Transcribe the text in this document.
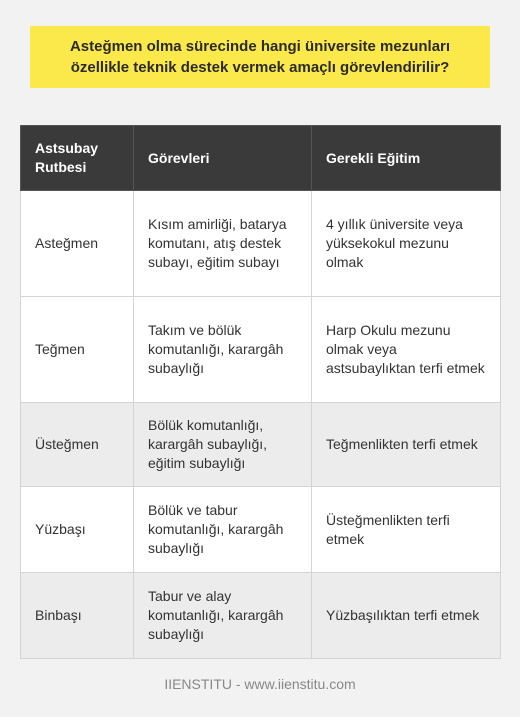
Asteğmen olma sürecinde hangi üniversite mezunları özellikle teknik destek vermek amaçlı görevlendirilir?
Astsubay Rutbesi	Görevleri	Gerekli Eğitim
Asteğmen	Kısım amirliği, batarya komutanı, atış destek subayı, eğitim subayı	4 yıllık üniversite veya yüksekokul mezunu olmak
Teğmen	Takım ve bölük komutanlığı, karargâh subaylığı	Harp Okulu mezunu olmak veya astsubaylıktan terfi etmek
Üsteğmen	Bölük komutanlığı, karargâh subaylığı, eğitim subaylığı	Teğmenlikten terfi etmek
Yüzbaşı	Bölük ve tabur komutanlığı, karargâh subaylığı	Üsteğmenlikten terfi etmek
Binbaşı	Tabur ve alay komutanlığı, karargâh subaylığı	Yüzbaşılıktan terfi etmek
IIENSTITU - www.iienstitu.com
